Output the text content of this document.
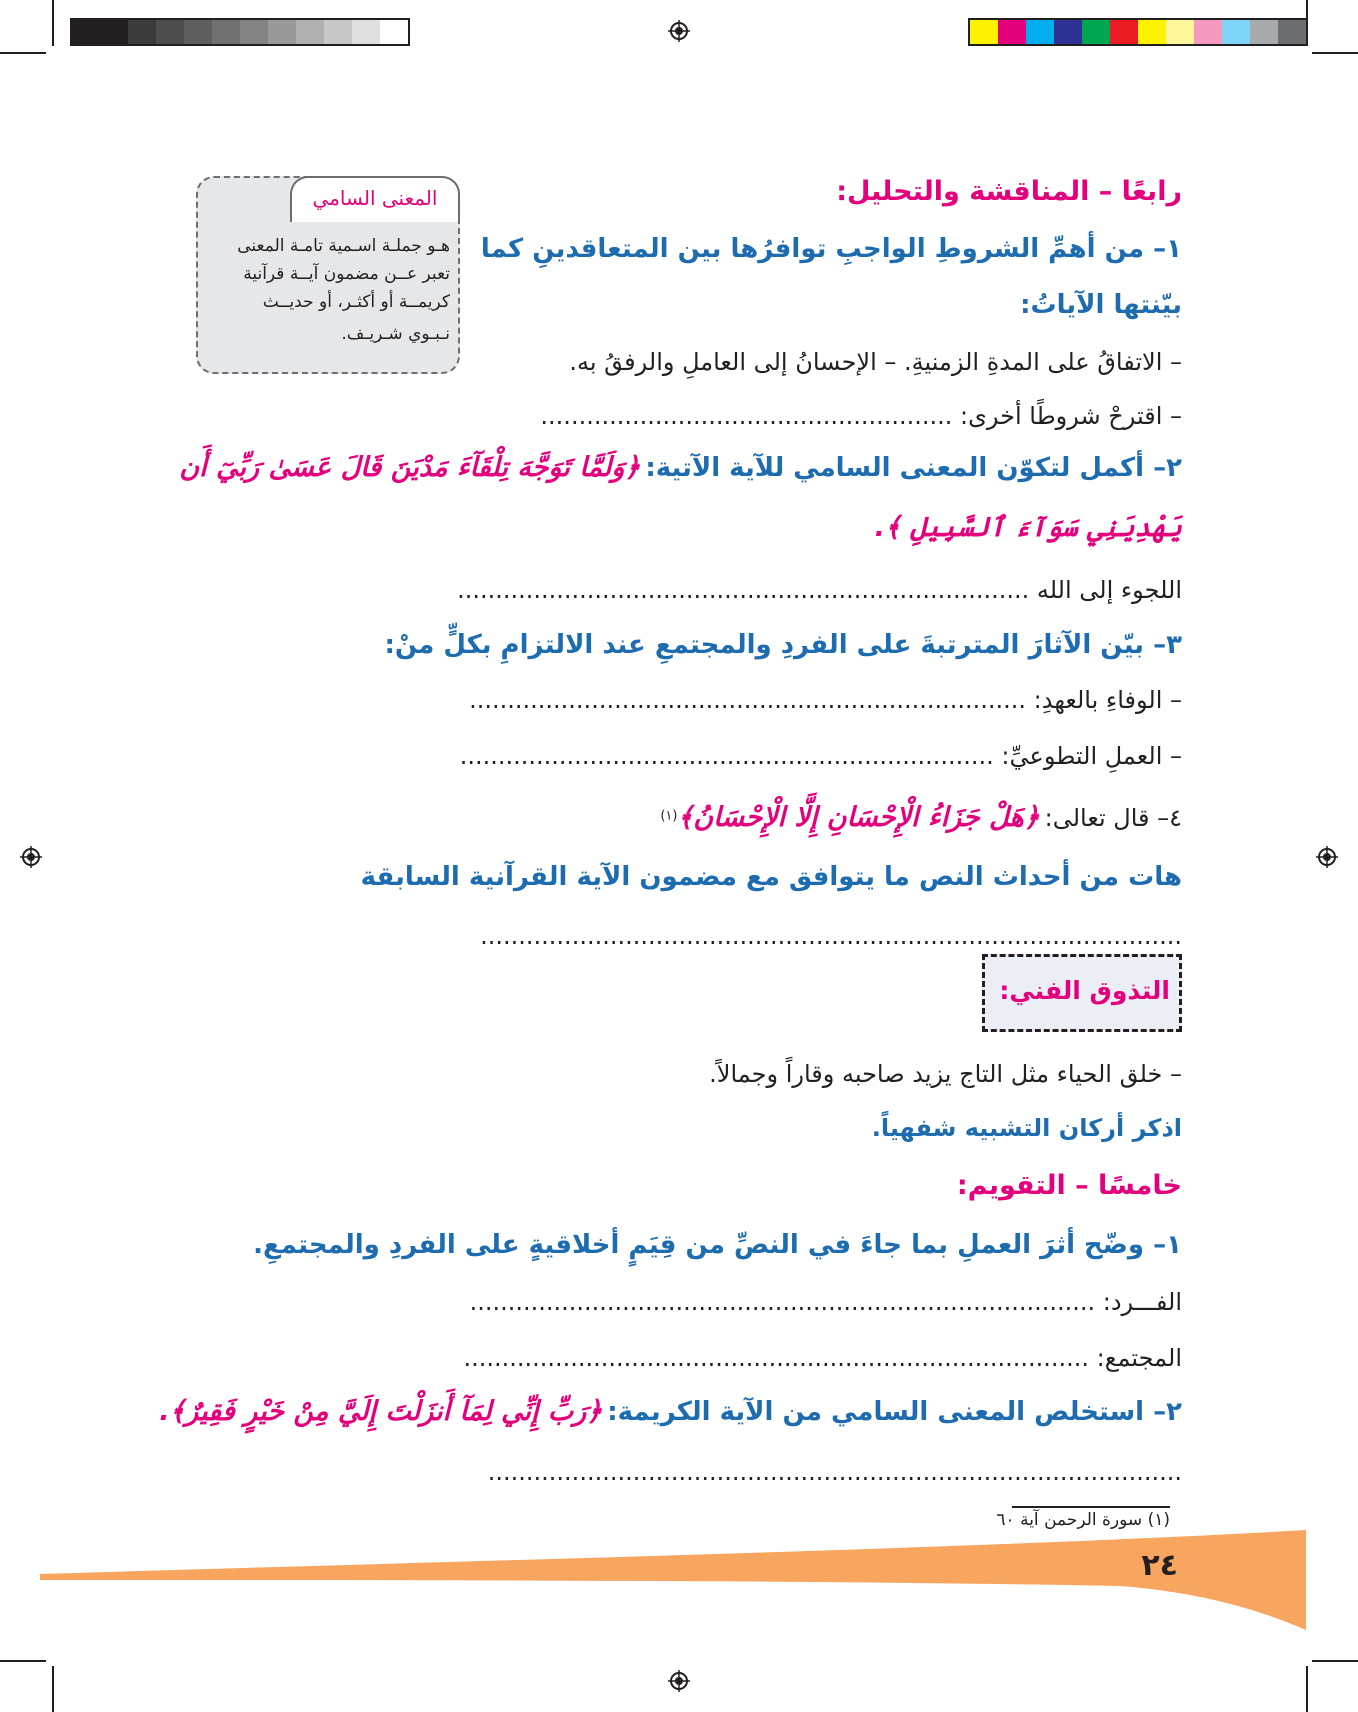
المعنى السامي
هـو جملـة اسـمية تامـة المعنى
تعبر عــن مضمون آيــة قرآنية
كريمــة أو أكثـر، أو حديــث
نـبـوي شـريـف.
رابعًا – المناقشة والتحليل:
١– من أهمِّ الشروطِ الواجبِ توافرُها بين المتعاقدينِ كما
بيّنتها الآياتُ:
– الاتفاقُ على المدةِ الزمنيةِ. – الإحسانُ إلى العاملِ والرفقُ به.
– اقترحْ شروطًا أخرى: ......................................................
٢– أكمل لتكوّن المعنى السامي للآية الآتية: ﴿وَلَمَّا تَوَجَّهَ تِلْقَآءَ مَدْيَنَ قَالَ عَسَىٰ رَبِّيٓ أَن
يَهْدِيَنِي سَوَآءَ ٱلسَّبِيلِ ﴾.
اللجوء إلى الله ...........................................................................
٣– بيّن الآثارَ المترتبةَ على الفردِ والمجتمعِ عند الالتزامِ بكلٍّ منْ:
– الوفاءِ بالعهدِ: .........................................................................
– العملِ التطوعيِّ: ......................................................................
٤– قال تعالى: ﴿هَلْ جَزَاءُ الْإِحْسَانِ إِلَّا الْإِحْسَانُ﴾$^{(١)}$
هات من أحداث النص ما يتوافق مع مضمون الآية القرآنية السابقة
............................................................................................
التذوق الفني:
– خلق الحياء مثل التاج يزيد صاحبه وقاراً وجمالاً.
اذكر أركان التشبيه شفهياً.
خامسًا – التقويم:
١– وضّح أثرَ العملِ بما جاءَ في النصِّ من قِيَمٍ أخلاقيةٍ على الفردِ والمجتمعِ.
الفـــرد: ..................................................................................
المجتمع: ..................................................................................
٢– استخلص المعنى السامي من الآية الكريمة: ﴿رَبِّ إِنِّي لِمَآ أَنزَلْتَ إِلَيَّ مِنْ خَيْرٍ فَقِيرٌ﴾.
...........................................................................................
(١) سورة الرحمن آية ٦٠
٢٤
